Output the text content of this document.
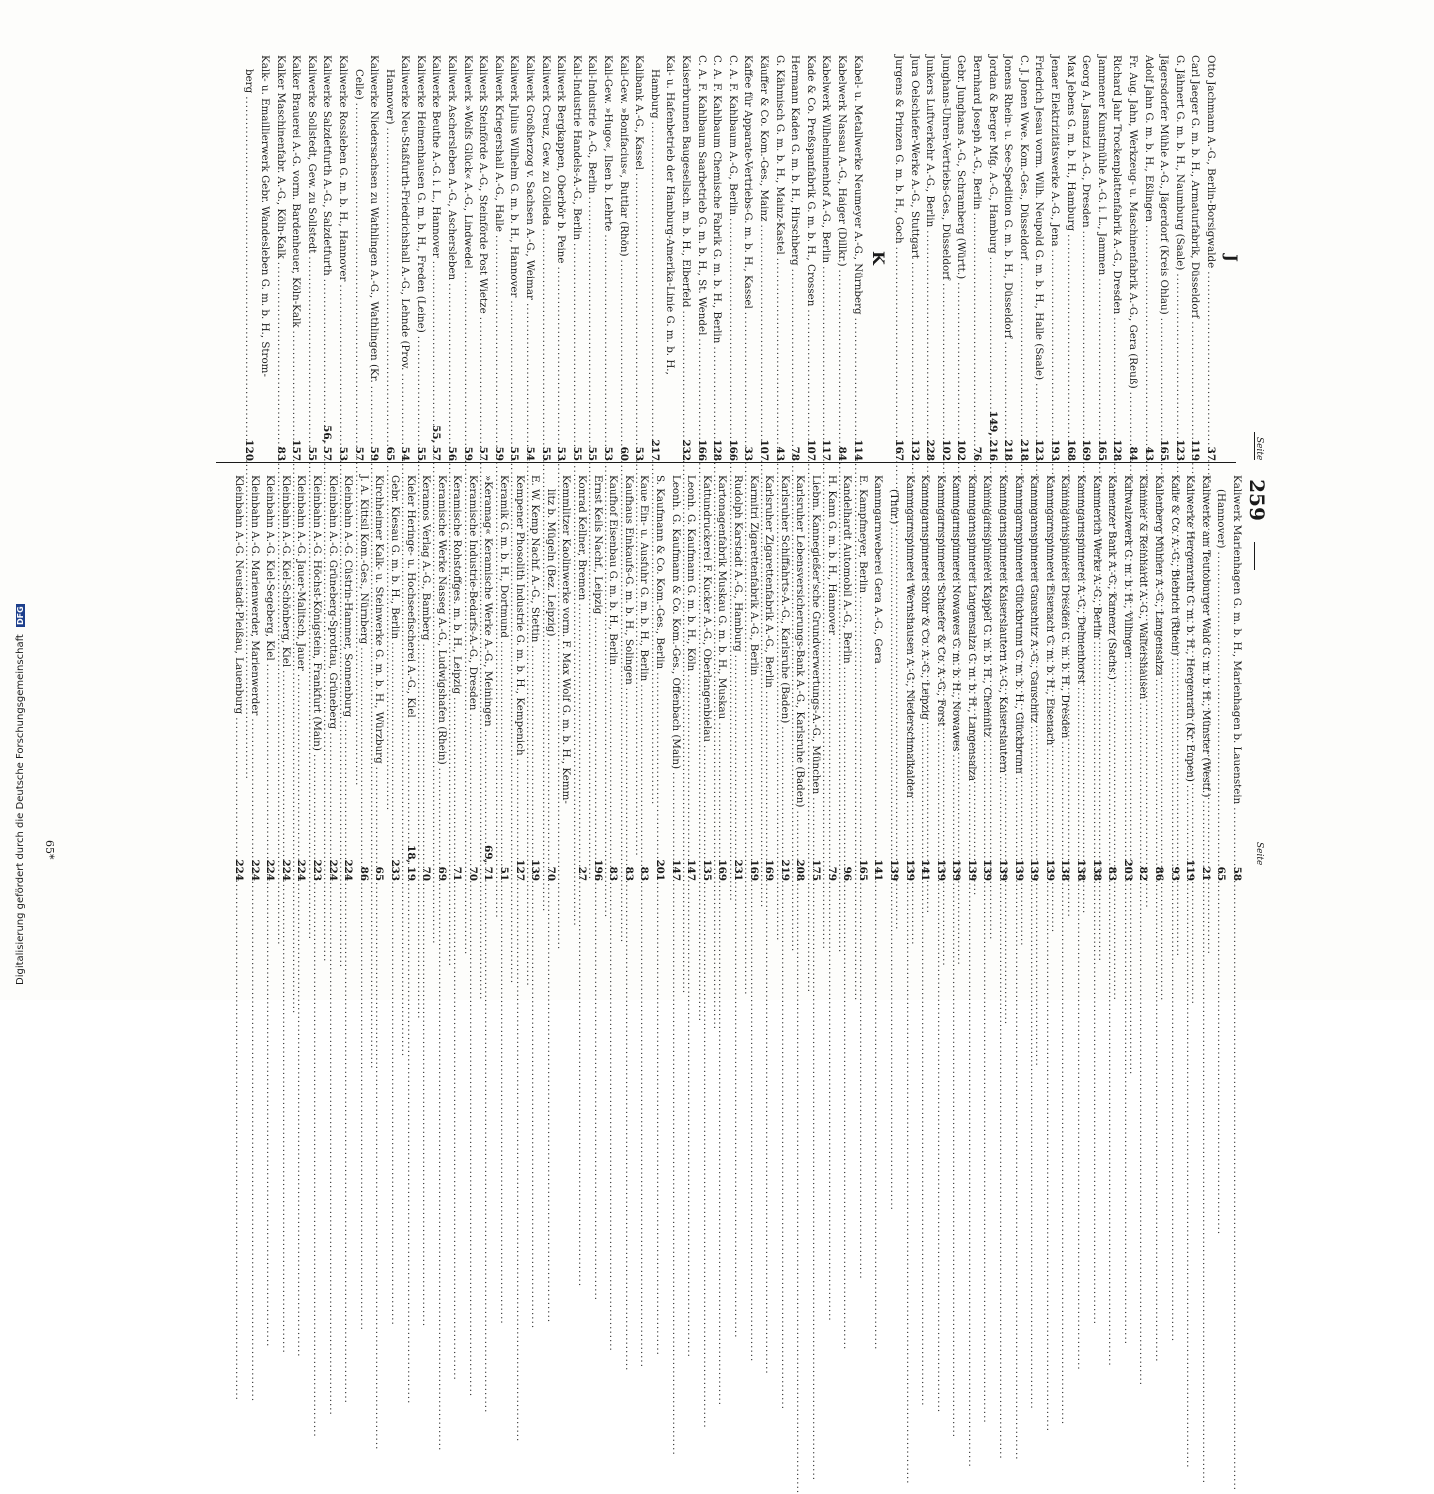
Seite
259
Seite
J
Otto Jachmann A.-G., Berlin-Borsigwalde
.....
37
Carl Jaeger G. m. b. H., Armaturfabrik, Düsseldorf
.....
119
G. Jähnert G. m. b. H., Naumburg (Saale)
.....
123
Jägersdorfer Mühle A.-G., Jägerdorf (Kreis Ohlau)
.....
165
Adolf Jahn G. m. b. H., Eßlingen
.....
43
Fr. Aug. Jahn, Werkzeug- u. Maschinenfabrik A.-G., Gera (Reuß)
.....
84
Richard Jahr Trockenplattenfabrik A.-G., Dresden
.....
128
Jammener Kunstmühle A.-G. i. L., Jammen
.....
165
Georg A. Jasmatzi A.-G., Dresden
.....
169
Max Jebens G. m. b. H., Hamburg
.....
168
Jenaer Elektrizitätswerke A.-G., Jena
.....
193
Friedrich Jesau vorm. Wilh. Neupold G. m. b. H., Halle (Saale)
.....
123
C. J. Jonen Wwe. Kom.-Ges., Düsseldorf
.....
218
Jonens Rhein- u. See-Spedition G. m. b. H., Düsseldorf
.....
218
Jordan & Berger Mfg. A.-G., Hamburg
.....
149, 216
Bernhard Joseph A.-G., Berlin
.....
76
Gebr. Junghans A.-G., Schramberg (Württ.)
.....
102
Junghans-Uhren-Vertriebs-Ges., Düsseldorf
.....
102
Junkers Luftverkehr A.-G., Berlin
.....
228
Jura Oelschiefer-Werke A.-G., Stuttgart
.....
132
Jurgens & Prinzen G. m. b. H., Goch
.....
167
K
Kabel- u. Metallwerke Neumeyer A.-G., Nürnberg
.....
114
Kabelwerk Nassau A.-G., Haiger (Dillkr.)
.....
84
Kabelwerk Wilhelminenhof A.-G., Berlin
.....
117
Kade & Co. Preßspanfabrik G. m. b. H., Crossen
.....
107
Hermann Kaden G. m. b. H., Hirschberg
.....
78
G. Kähmisch G. m. b. H., Mainz-Kastel
.....
43
Käuffer & Co. Kom.-Ges., Mainz
.....
107
Kaffee für Apparate-Vertriebs-G. m. b. H., Kassel
.....
33
C. A. F. Kahlbaum A.-G., Berlin
.....
166
C. A. F. Kahlbaum Chemische Fabrik G. m. b. H., Berlin
.....
128
C. A. F. Kahlbaum Saarbetrieb G. m. b. H., St. Wendel
.....
166
Kaiserbrunnen Baugesellsch. m. b. H., Elberfeld
.....
232
Kai- u. Hafenbetrieb der Hamburg-Amerika-Linie G. m. b. H.,
Hamburg
.....
217
Kalibank A.-G., Kassel
.....
53
Kali-Gew. »Bonifacius«, Buttlar (Rhön)
.....
60
Kali-Gew. »Hugo«, Ilsen b. Lehrte
.....
53
Kali-Industrie A.-G., Berlin
.....
55
Kali-Industrie Handels-A.-G., Berlin
.....
55
Kaliwerk Bergkappen, Oberbör b. Peine
.....
53
Kaliwerk Creuz, Gew. zu Cölleda
.....
55
Kaliwerk Großherzog v. Sachsen A.-G., Weimar
.....
54
Kaliwerk Julius Wilhelm G. m. b. H., Hannover
.....
55
Kaliwerk Kriegershall A.-G., Halle
.....
59
Kaliwerk Steinförde A.-G., Steinförde Post Wietze
.....
57
Kaliwerk »Wolfs Glück« A.-G., Lindwedel
.....
59
Kaliwerk Aschersleben A.-G., Aschersleben
.....
56
Kaliwerke Beuthe A.-G. i. L., Hannover
.....
55, 57
Kaliwerke Heimenhausen G. m. b. H., Freden (Leine)
.....
55
Kaliwerke Neu-Staßfurth-Friedrichshall A.-G., Lehnde (Prov.
.....
54
Hannover)
.....
65
Kaliwerke Niedersachsen zu Wathlingen A.-G., Wathlingen (Kr.
.....
59
Celle)
.....
57
Kaliwerke Rossleben G. m. b. H., Hannover
.....
53
Kaliwerke Salzdetfurth A.-G., Salzdetfurth
.....
56, 57
Kaliwerke Sollstedt, Gew. zu Sollstedt
.....
55
Kalker Brauerei A.-G. vorm. Bardenheuer, Köln-Kalk
.....
157
Kalker Maschinenfabr. A.-G., Köln-Kalk
.....
83
Kalk- u. Emaillierwerk Gebr. Wandesleben G. m. b. H., Strom-
berg
.....
120
Kaliwerk Marienhagen G. m. b. H., Marienhagen b. Lauenstein
.....
58
(Hannover)
.....
65
Kaliwerke am Teutoburger Wald G. m. b. H., Münster (Westf.)
.....
21
Kaliwerke Hergenrath G. m. b. H., Hergenrath (Kr. Eupen)
.....
119
Kalle & Co. A.-G., Biebrich (Rhein)
.....
93
Kallenberg Mühlen A.-G., Langensalza
.....
86
Kämmer & Reinhardt A.-G., Waltershausen
.....
82
Kaltwalzwerk G. m. b. H., Villingen
.....
203
Kamenzer Bank A.-G., Kamenz (Sachs.)
.....
83
Kammerich Werke A.-G., Berlin
.....
138
Kammgarnspinnerei A.-G., Delmenhorst
.....
138
Kammgarnspinnerei Dresden G. m. b. H., Dresden
.....
138
Kammgarnspinnerei Eisenach G. m. b. H., Eisenach
.....
139
Kammgarnspinnerei Gauschitz A.-G., Gauschitz
.....
139
Kammgarnspinnerei Glückbrunn G. m. b. H., Glückbrunn
.....
139
Kammgarnspinnerei Kaiserslautern A.-G., Kaiserslautern
.....
139
Kammgarnspinnerei Kappel G. m. b. H., Chemnitz
.....
139
Kammgarnspinnerei Langensalza G. m. b. H., Langensalza
.....
139
Kammgarnspinnerei Nowawes G. m. b. H., Nowawes
.....
139
Kammgarnspinnerei Schaefer & Co. A.-G., Forst
.....
139
Kammgarnspinnerei Stöhr & Co. A.-G., Leipzig
.....
141
Kammgarnspinnerei Wernshausen A.-G., Niederschmalkalden
.....
139
(Thür.)
.....
139
Kammgarnweberei Gera A.-G., Gera
.....
141
E. Kampfmeyer, Berlin
.....
165
Kandelhardt Automobil A.-G., Berlin
.....
96
H. Kann G. m. b. H., Hannover
.....
79
Liebm. Kannegießer'sche Grundverwertungs-A.-G., München
.....
175
Karlsruher Lebensversicherungs-Bank A.-G., Karlsruhe (Baden)
.....
208
Karlsruher Schiffahrts-A.-G., Karlsruhe (Baden)
.....
219
Karlsruher Zigarettenfabrik A.-G., Berlin
.....
169
Karmitri Zigarettenfabrik A.-G., Berlin
.....
169
Rudolph Karstadt A.-G., Hamburg
.....
231
Kartonagenfabrik Muskau G. m. b. H., Muskau
.....
169
Kattundruckerei F. Kucker A.-G., Oberlangenbielau
.....
135
Leonh. G. Kaufmann G. m. b. H., Köln
.....
147
Leonh. G. Kaufmann & Co. Kom.-Ges., Offenbach (Main)
.....
147
S. Kaufmann & Co. Kom.-Ges., Berlin
.....
201
Kaue Ein- u. Ausfuhr G. m. b. H., Berlin
.....
83
Kaufhaus Einkaufs-G. m. b. H., Solingen
.....
83
Kaufhof Eisenbau G. m. b. H., Berlin
.....
83
Ernst Keils Nachf., Leipzig
.....
196
Konrad Kellner, Bremen
.....
27
Kemmlitzer Kaolinwerke vorm. F. Max Wolf G. m. b. H., Kemm-
litz b. Mügeln (Bez. Leipzig)
.....
70
E. W. Kemp Nachf. A.-G., Stettin
.....
139
Kempener Phosolith Industrie G. m. b. H., Kempenich
.....
127
Keramik G. m. b. H., Dortmund
.....
51
»Keramag« Keramische Werke A.-G., Meiningen
.....
69, 71
Keramische Industrie-Bedarfs-A.-G., Dresden
.....
70
Keramische Rohstoffges. m. b. H., Leipzig
.....
71
Keramische Werke Nasseg A.-G., Ludwigshafen (Rhein)
.....
69
Keramos Verlag A.-G., Bamberg
.....
70
Kieler Heringe- u. Hochseefischerei A.-G., Kiel
.....
18, 19
Gebr. Kiesau G. m. b. H., Berlin
.....
233
Kirchheimer Kalk- u. Steinwerke G. m. b. H., Würzburg
.....
65
J. A. Kittsil Kom.-Ges., Nürnberg
.....
86
Kleinbahn A.-G. Cüstrin-Hammer, Sonnenburg
.....
224
Kleinbahn A.-G. Grüneberg-Sprottau, Grüneberg
.....
224
Kleinbahn A.-G. Höchst-Königstein, Frankfurt (Main)
.....
223
Kleinbahn A.-G. Jauer-Malitsch, Jauer
.....
224
Kleinbahn A.-G. Kiel-Schönberg, Kiel
.....
224
Kleinbahn A.-G. Kiel-Segeberg, Kiel
.....
224
Kleinbahn A.-G. Marienwerder, Marienwerder
.....
224
Kleinbahn A.-G. Neustadt-Pleißau, Lauenburg
.....
224
65*
Digitalisierung gefördert durch die Deutsche Forschungsgemeinschaft DFG
